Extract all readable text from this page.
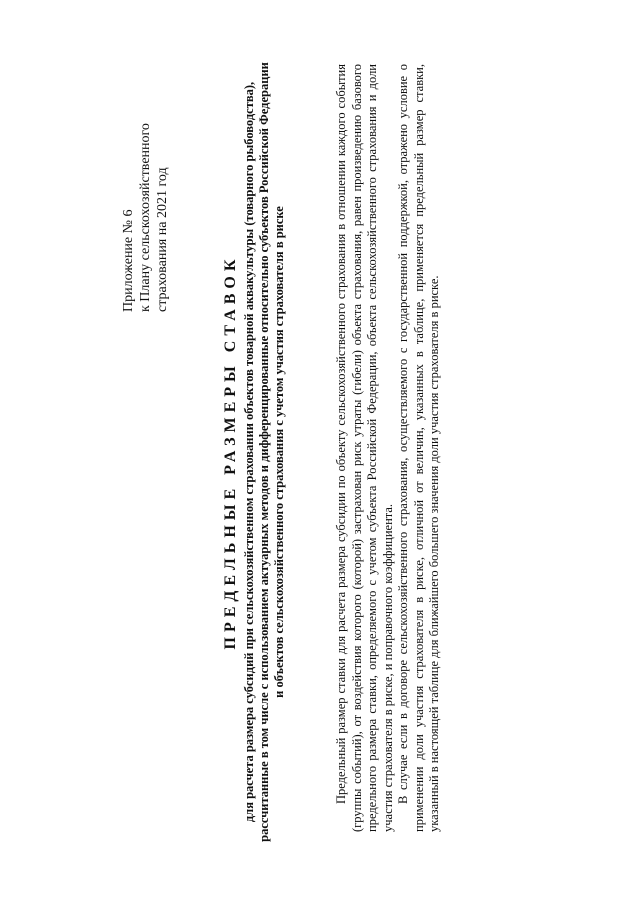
Приложение № 6 к Плану сельскохозяйственного страхования на 2021 год
ПРЕДЕЛЬНЫЕ РАЗМЕРЫ СТАВОК для расчета размера субсидий при сельскохозяйственном страховании объектов товарной аквакультуры (товарного рыбоводства), рассчитанные в том числе с использованием актуарных методов и дифференцированные относительно субъектов Российской Федерации и объектов сельскохозяйственного страхования с учетом участия страхователя в риске	Предельный размер ставки для расчета размера субсидии по объекту сельскохозяйственного страхования в отношении каждого события (группы событий), от воздействия которого (которой) застрахован риск утраты (гибели) объекта страхования, равен произведению базового предельного размера ставки, определяемого с учетом субъекта Российской Федерации, объекта сельскохозяйственного страхования и доли участия страхователя в риске, и поправочного коэффициента. В случае если в договоре сельскохозяйственного страхования, осуществляемого с государственной поддержкой, отражено условие о применении доли участия страхователя в риске, отличной от величин, указанных в таблице, применяется предельный размер ставки, указанный в настоящей таблице для ближайшего большего значения доли участия страхователя в риске.
